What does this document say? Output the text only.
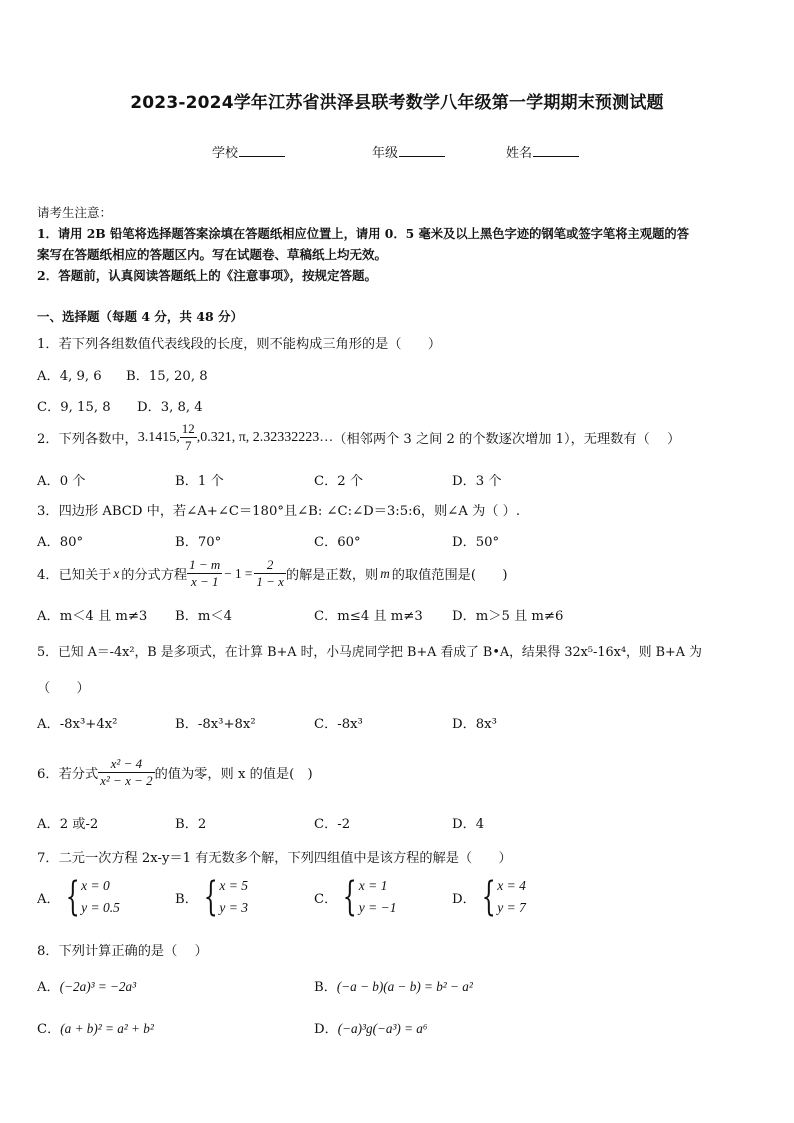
2023-2024学年江苏省洪泽县联考数学八年级第一学期期末预测试题
学校	年级	姓名
请考生注意：
1．请用 2B 铅笔将选择题答案涂填在答题纸相应位置上，请用 0．5 毫米及以上黑色字迹的钢笔或签字笔将主观题的答
案写在答题纸相应的答题区内。写在试题卷、草稿纸上均无效。
2．答题前，认真阅读答题纸上的《注意事项》，按规定答题。
一、选择题（每题 4 分，共 48 分）
1．若下列各组数值代表线段的长度，则不能构成三角形的是（　　）
A．4, 9, 6 B．15, 20, 8
C．9, 15, 8 D．3, 8, 4
2．下列各数中， 3.1415, $\frac{12}{7} ,0.321$, π, 2.32332223… （相邻两个 3 之间 2 的个数逐次增加 1），无理数有（　 ）
A．0 个	B．1 个	C．2 个	D．3 个
3．四边形 ABCD 中，若∠A+∠C＝180°且∠B: ∠C:∠D＝3:5:6，则∠A 为（ ）.
A．80°	B．70°	C．60°	D．50°
4．已知关于 x 的分式方程 $\frac{1 - m}{x - 1} - 1 = \frac{2}{1 - x}$ 的解是正数，则 m 的取值范围是(　　)
A．m＜4 且 m≠3 B．m＜4	C．m≤4 且 m≠3 D．m＞5 且 m≠6
5．已知 A＝-4x²，B 是多项式，在计算 B+A 时，小马虎同学把 B+A 看成了 B•A，结果得 32x⁵-16x⁴，则 B+A 为
（　　）
A．-8x³+4x²	B．-8x³+8x²	C．-8x³	D．8x³
6．若分式 $\frac{\text{x² − 4}}{\text{x² − x − 2}}$ 的值为零，则 x 的值是(　)
A．2 或-2	B．2	C．-2	D．4
7．二元一次方程 2x-y＝1 有无数多个解，下列四组值中是该方程的解是（　　）
A． { x = 0
y = 0.5
B． { x = 5
y = 3
C． { x = 1
y = −1
D． { x = 4
y = 7
8．下列计算正确的是（　 ）
A．(−2a)³ = −2a³	B．(−a − b)(a − b) = b² − a²
C．(a + b)² = a² + b²	D．(−a)³g(−a³) = a⁶
